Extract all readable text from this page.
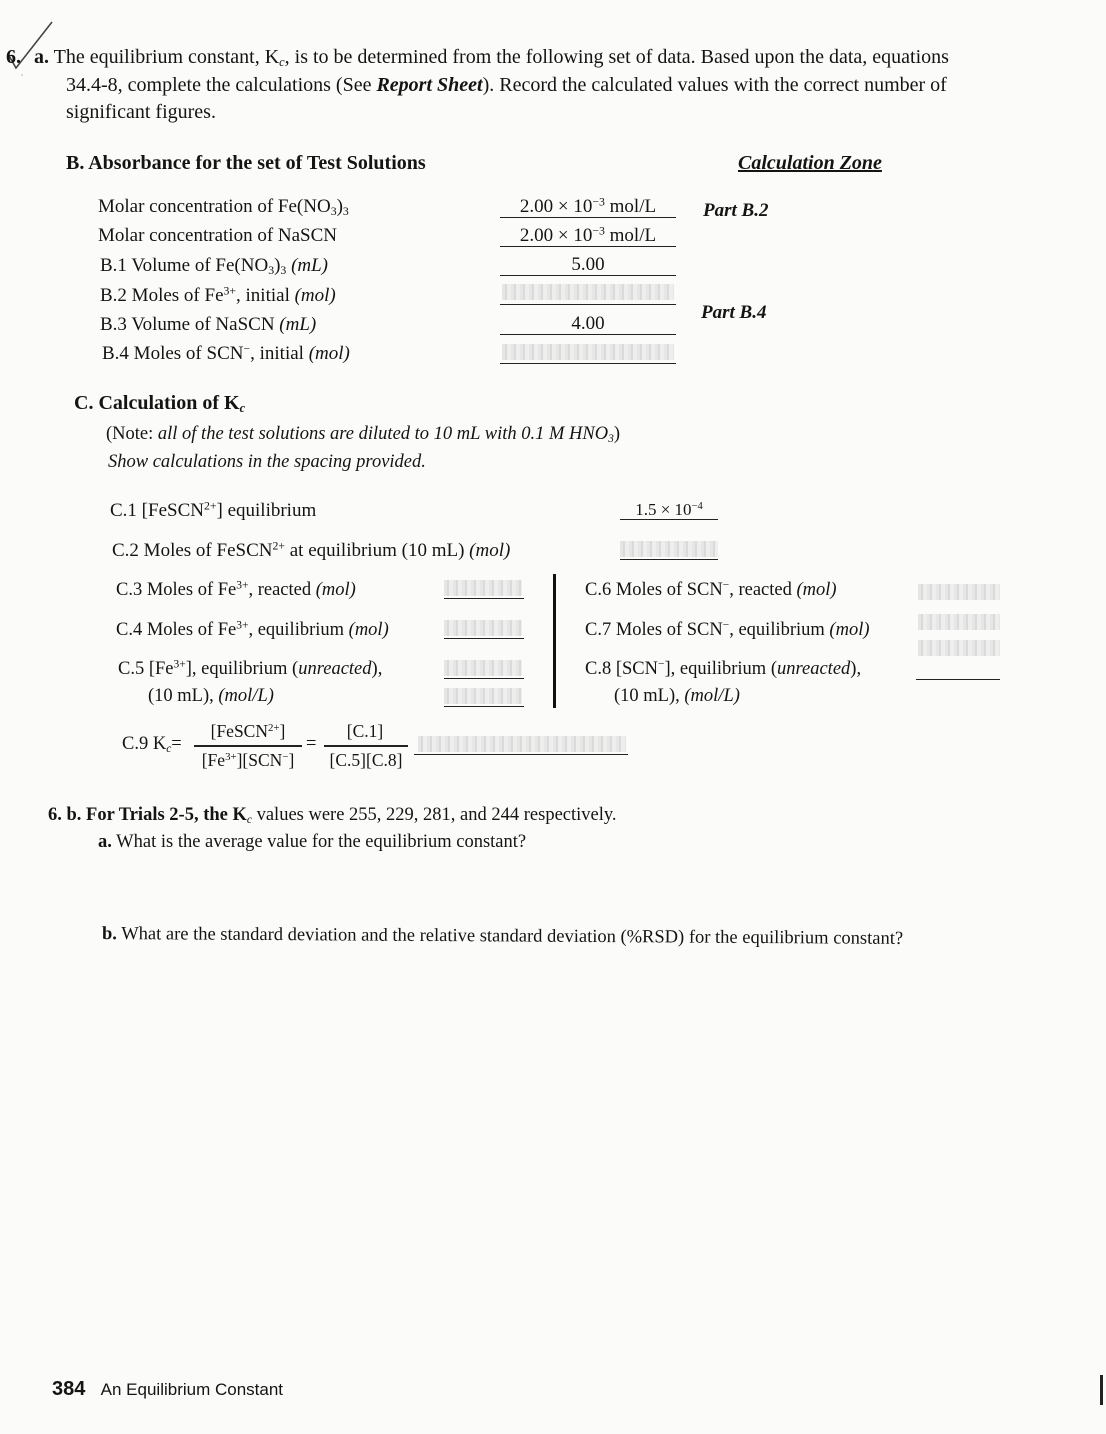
6. a. The equilibrium constant, $K_c$, is to be determined from the following set of data. Based upon the data, equations
34.4-8, complete the calculations (See Report Sheet). Record the calculated values with the correct number of
significant figures.
B. Absorbance for the set of Test Solutions	Calculation Zone
Molar concentration of $Fe(NO_3)_3$
Molar concentration of NaSCN
B.1 Volume of $Fe(NO_3)_3$ (mL)
B.2 Moles of $Fe^{3+}$, initial (mol)
B.3 Volume of NaSCN (mL)
B.4 Moles of SCN−, initial (mol)
$2.00 \times 10^{-3}$ mol/L
$2.00 \times 10^{-3}$ mol/L
5.00
4.00
Part B.2
Part B.4
C. Calculation of $K_c$
(Note: all of the test solutions are diluted to 10 mL with 0.1 M $HNO_3$)
Show calculations in the spacing provided.
C.1 [FeSCN$^{2+}$] equilibrium	$1.5 \times 10^{-4}$
C.2 Moles of FeSCN$^{2+}$ at equilibrium (10 mL) (mol)
C.3 Moles of $Fe^{3+}$, reacted (mol)
C.4 Moles of $Fe^{3+}$, equilibrium (mol)
C.5 $[Fe^{3+}]$, equilibrium (unreacted),
(10 mL), (mol/L)
C.6 Moles of SCN−, reacted (mol)
C.7 Moles of SCN−, equilibrium (mol)
C.8 [SCN−], equilibrium (unreacted),
(10 mL), (mol/L)
C.9 $K_c=$
[FeSCN$^{2+}$]
$[Fe^{3+}][SCN^-]$
=
[C.1]
[C.5][C.8]
6. b. For Trials 2-5, the $K_c$ values were 255, 229, 281, and 244 respectively.
a. What is the average value for the equilibrium constant?
b. What are the standard deviation and the relative standard deviation (%RSD) for the equilibrium constant?
384 An Equilibrium Constant
